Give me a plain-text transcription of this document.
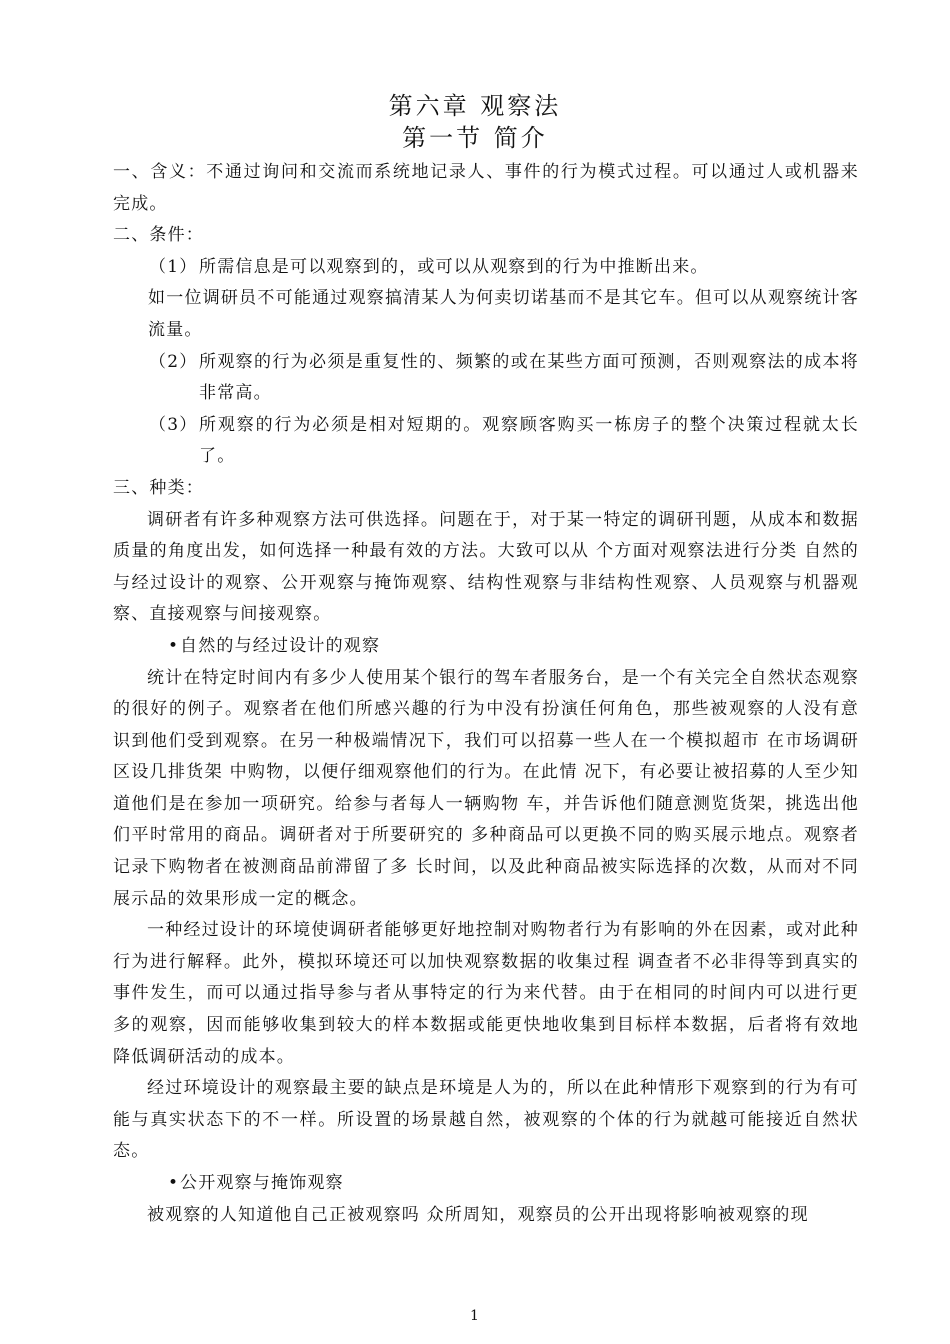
第六章 观察法
第一节 简介

一、含义：不通过询问和交流而系统地记录人、事件的行为模式过程。可以通过人或机器来完成。

二、条件：

（1） 所需信息是可以观察到的，或可以从观察到的行为中推断出来。

如一位调研员不可能通过观察搞清某人为何卖切诺基而不是其它车。但可以从观察统计客流量。

（2） 所观察的行为必须是重复性的、频繁的或在某些方面可预测，否则观察法的成本将非常高。

（3） 所观察的行为必须是相对短期的。观察顾客购买一栋房子的整个决策过程就太长了。

三、种类：

调研者有许多种观察方法可供选择。问题在于，对于某一特定的调研刊题，从成本和数据质量的角度出发，如何选择一种最有效的方法。大致可以从 个方面对观察法进行分类 自然的与经过设计的观察、公开观察与掩饰观察、结构性观察与非结构性观察、人员观察与机器观察、直接观察与间接观察。

•自然的与经过设计的观察

统计在特定时间内有多少人使用某个银行的驾车者服务台，是一个有关完全自然状态观察的很好的例子。观察者在他们所感兴趣的行为中没有扮演任何角色，那些被观察的人没有意识到他们受到观察。在另一种极端情况下，我们可以招募一些人在一个模拟超市 在市场调研区设几排货架 中购物，以便仔细观察他们的行为。在此情 况下，有必要让被招募的人至少知道他们是在参加一项研究。给参与者每人一辆购物 车，并告诉他们随意测览货架，挑选出他们平时常用的商品。调研者对于所要研究的 多种商品可以更换不同的购买展示地点。观察者记录下购物者在被测商品前滞留了多 长时间，以及此种商品被实际选择的次数，从而对不同展示品的效果形成一定的概念。

一种经过设计的环境使调研者能够更好地控制对购物者行为有影响的外在因素，或对此种行为进行解释。此外，模拟环境还可以加快观察数据的收集过程 调查者不必非得等到真实的事件发生，而可以通过指导参与者从事特定的行为来代替。由于在相同的时间内可以进行更多的观察，因而能够收集到较大的样本数据或能更快地收集到目标样本数据，后者将有效地降低调研活动的成本。

经过环境设计的观察最主要的缺点是环境是人为的，所以在此种情形下观察到的行为有可能与真实状态下的不一样。所设置的场景越自然，被观察的个体的行为就越可能接近自然状态。

•公开观察与掩饰观察

被观察的人知道他自己正被观察吗 众所周知，观察员的公开出现将影响被观察的现

1
